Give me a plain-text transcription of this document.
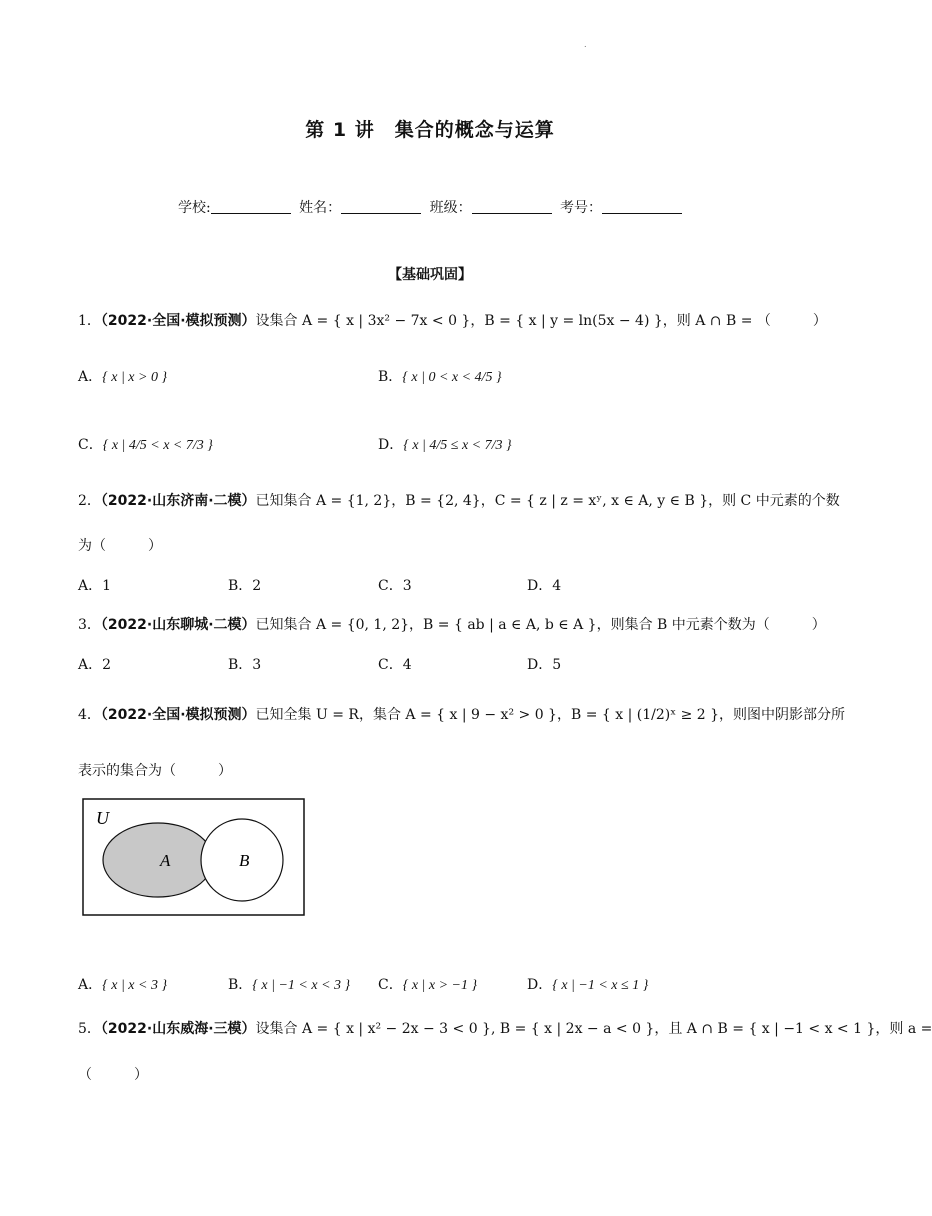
.
第 1 讲　集合的概念与运算
学校:	姓名：	班级：	考号：
【基础巩固】
1．（2022·全国·模拟预测）设集合 A = { x | 3x² − 7x < 0 }，B = { x | y = ln(5x − 4) }，则 A ∩ B = （　　　）
A．{ x | x > 0 }	B．{ x | 0 < x < 4/5 }
C．{ x | 4/5 < x < 7/3 }	D．{ x | 4/5 ≤ x < 7/3 }
2．（2022·山东济南·二模）已知集合 A = {1, 2}，B = {2, 4}，C = { z | z = xʸ, x ∈ A, y ∈ B }，则 C 中元素的个数
为（　　　）
A．1	B．2	C．3	D．4
3．（2022·山东聊城·二模）已知集合 A = {0, 1, 2}，B = { ab | a ∈ A, b ∈ A }，则集合 B 中元素个数为（　　　）
A．2	B．3	C．4	D．5
4．（2022·全国·模拟预测）已知全集 U = R，集合 A = { x | 9 − x² > 0 }，B = { x | (1/2)ˣ ≥ 2 }，则图中阴影部分所
表示的集合为（　　　）
U
A	B
A．{ x | x < 3 }	B．{ x | −1 < x < 3 } C．{ x | x > −1 }	D．{ x | −1 < x ≤ 1 }
5．（2022·山东威海·三模）设集合 A = { x | x² − 2x − 3 < 0 }, B = { x | 2x − a < 0 }，且 A ∩ B = { x | −1 < x < 1 }，则 a =
（　　　）
